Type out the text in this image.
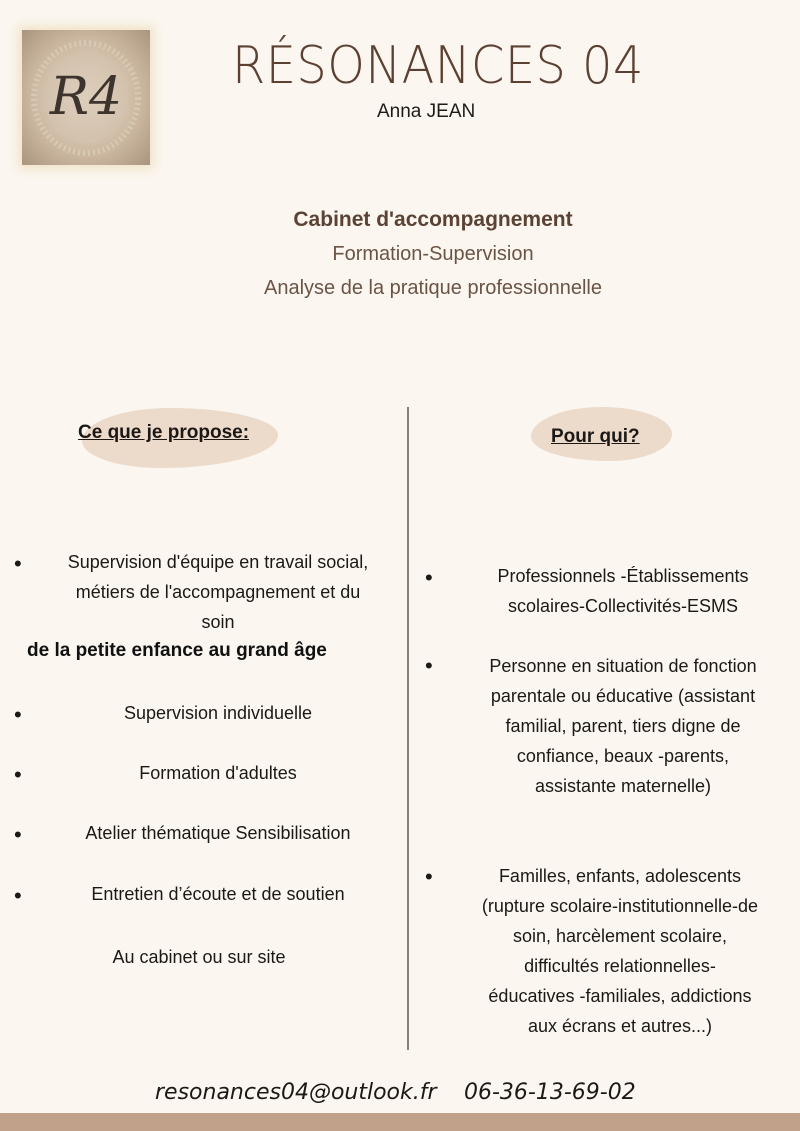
R4
RÉSONANCES 04
Anna JEAN
Cabinet d'accompagnement
Formation-Supervision
Analyse de la pratique professionnelle
Ce que je propose:	Pour qui?
•	Supervision d'équipe en travail social,
métiers de l'accompagnement et du
soin
de la petite enfance au grand âge
•	Supervision individuelle
•	Formation d'adultes
•	Atelier thématique Sensibilisation
•	Entretien d’écoute et de soutien
Au cabinet ou sur site
•	Professionnels -Établissements
scolaires-Collectivités-ESMS
•	Personne en situation de fonction
parentale ou éducative (assistant
familial, parent, tiers digne de
confiance, beaux -parents,
assistante maternelle)
•	Familles, enfants, adolescents
(rupture scolaire-institutionnelle-de
soin, harcèlement scolaire,
difficultés relationnelles-
éducatives -familiales, addictions
aux écrans et autres...)
resonances04@outlook.fr 06-36-13-69-02
